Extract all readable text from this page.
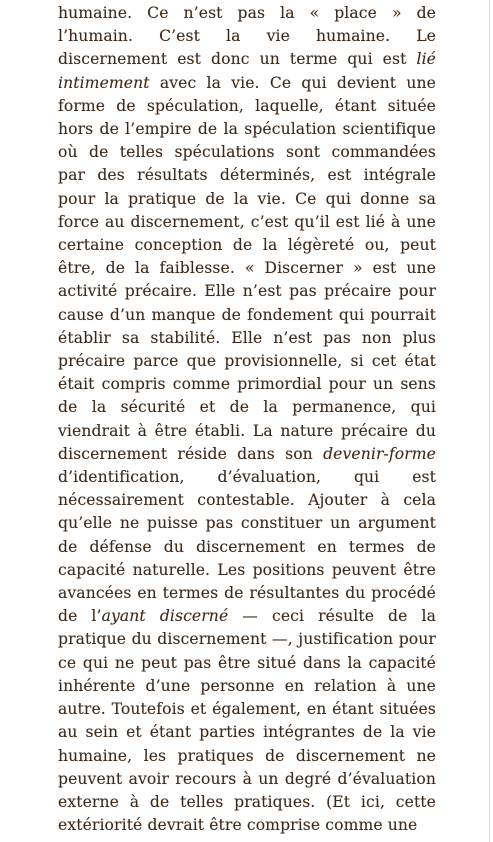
humaine. Ce n’est pas la « place » de l’humain. C’est la vie humaine. Le discernement est donc un terme qui est lié intimement avec la vie. Ce qui devient une forme de spéculation, laquelle, étant située hors de l’empire de la spéculation scientifique où de telles spéculations sont commandées par des résultats déterminés, est intégrale pour la pratique de la vie. Ce qui donne sa force au discernement, c’est qu’il est lié à une certaine conception de la légèreté ou, peut être, de la faiblesse. « Discerner » est une activité précaire. Elle n’est pas précaire pour cause d’un manque de fondement qui pourrait établir sa stabilité. Elle n’est pas non plus précaire parce que provisionnelle, si cet état était compris comme primordial pour un sens de la sécurité et de la permanence, qui viendrait à être établi. La nature précaire du discernement réside dans son devenir-forme d’identification, d’évaluation, qui est nécessairement contestable. Ajouter à cela qu’elle ne puisse pas constituer un argument de défense du discernement en termes de capacité naturelle. Les positions peuvent être avancées en termes de résultantes du procédé de l’ayant discerné — ceci résulte de la pratique du discernement —, justification pour ce qui ne peut pas être situé dans la capacité inhérente d’une personne en relation à une autre. Toutefois et également, en étant situées au sein et étant parties intégrantes de la vie humaine, les pratiques de discernement ne peuvent avoir recours à un degré d’évaluation externe à de telles pratiques. (Et ici, cette extériorité devrait être comprise comme une
